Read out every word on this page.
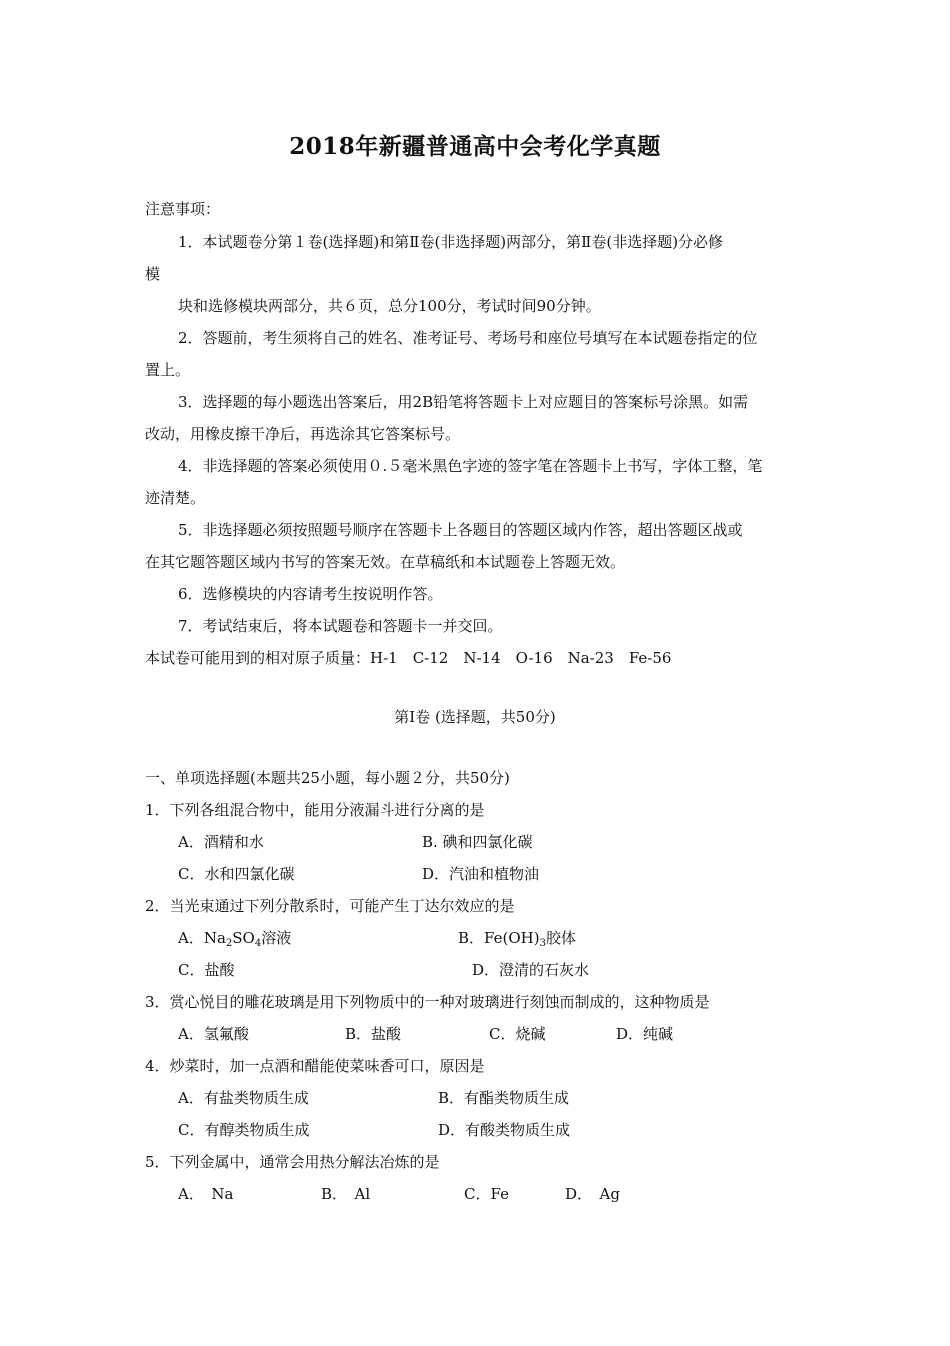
2018年新疆普通高中会考化学真题
注意事项：
1．本试题卷分第１卷(选择题)和第Ⅱ卷(非选择题)两部分，第Ⅱ卷(非选择题)分必修
模
块和选修模块两部分，共６页，总分100分，考试时间90分钟。
2．答题前，考生须将自己的姓名、准考证号、考场号和座位号填写在本试题卷指定的位
置上。
3．选择题的每小题选出答案后，用2B铅笔将答题卡上对应题目的答案标号涂黑。如需
改动，用橡皮擦干净后，再选涂其它答案标号。
4．非选择题的答案必须使用０.５毫米黑色字迹的签字笔在答题卡上书写，字体工整，笔
迹清楚。
5．非选择题必须按照题号顺序在答题卡上各题目的答题区域内作答，超出答题区战或
在其它题答题区域内书写的答案无效。在草稿纸和本试题卷上答题无效。
6．选修模块的内容请考生按说明作答。
7．考试结束后，将本试题卷和答题卡一并交回。
本试卷可能用到的相对原子质量：H-1　C-12　N-14　O-16　Na-23　Fe-56
第Ⅰ卷 (选择题，共50分)
一、单项选择题(本题共25小题，每小题２分，共50分)
1．下列各组混合物中，能用分液漏斗进行分离的是
A．酒精和水	B. 碘和四氯化碳
C．水和四氯化碳	D．汽油和植物油
2．当光束通过下列分散系时，可能产生丁达尔效应的是
A．$Na_2SO_4$溶液	B．$Fe(OH)_3$胶体
C．盐酸	D．澄清的石灰水
3．赏心悦目的雕花玻璃是用下列物质中的一种对玻璃进行刻蚀而制成的，这种物质是
A．氢氟酸	B．盐酸	C．烧碱	D．纯碱
4．炒菜时，加一点酒和醋能使菜味香可口，原因是
A．有盐类物质生成	B．有酯类物质生成
C．有醇类物质生成	D．有酸类物质生成
5．下列金属中，通常会用热分解法冶炼的是
A．　Na	B．　Al	C．Fe	D．　Ag
